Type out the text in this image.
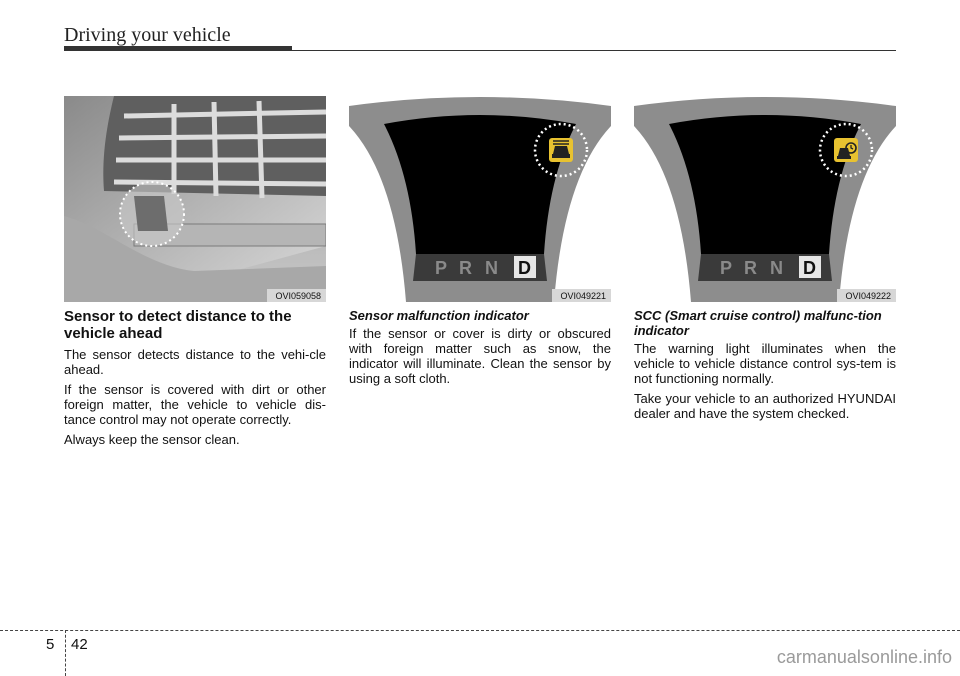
Driving your vehicle
OVI059058
P R N D
OVI049221
P R N D
OVI049222
Sensor to detect distance to the vehicle ahead

The sensor detects distance to the vehi-cle ahead.

If the sensor is covered with dirt or other foreign matter, the vehicle to vehicle dis-tance control may not operate correctly.

Always keep the sensor clean.

Sensor malfunction indicator

If the sensor or cover is dirty or obscured with foreign matter such as snow, the indicator will illuminate. Clean the sensor by using a soft cloth.

SCC (Smart cruise control) malfunc-tion indicator

The warning light illuminates when the vehicle to vehicle distance control sys-tem is not functioning normally.

Take your vehicle to an authorized HYUNDAI dealer and have the system checked.

5 42
carmanualsonline.info
